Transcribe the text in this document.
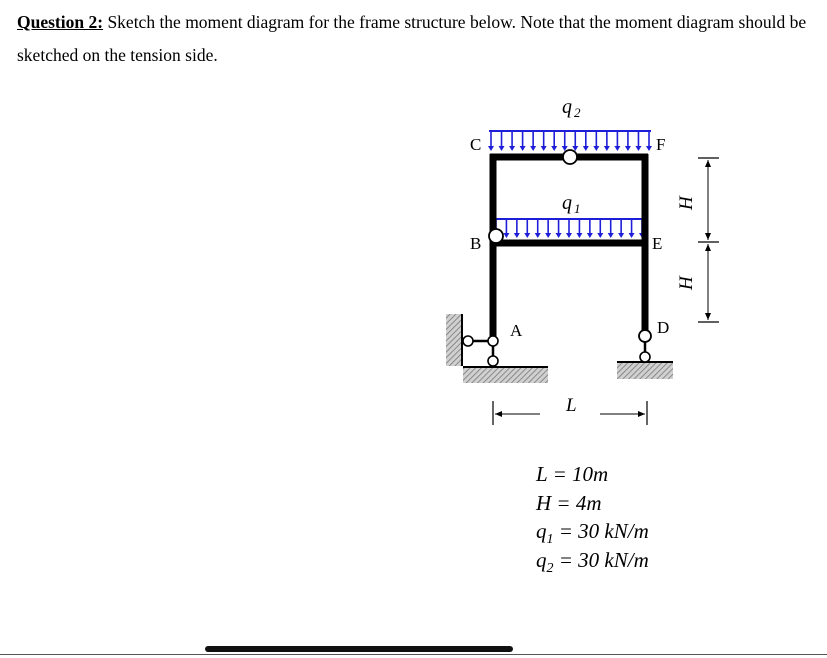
Question 2: Sketch the moment diagram for the frame structure below. Note that the moment diagram should be sketched on the tension side.
q 2
q 1
C	F
B	E
A	D
H
H
L
L = 10m
H = 4m
$q_1 = 30$ kN/m
$q_2 = 30$ kN/m
